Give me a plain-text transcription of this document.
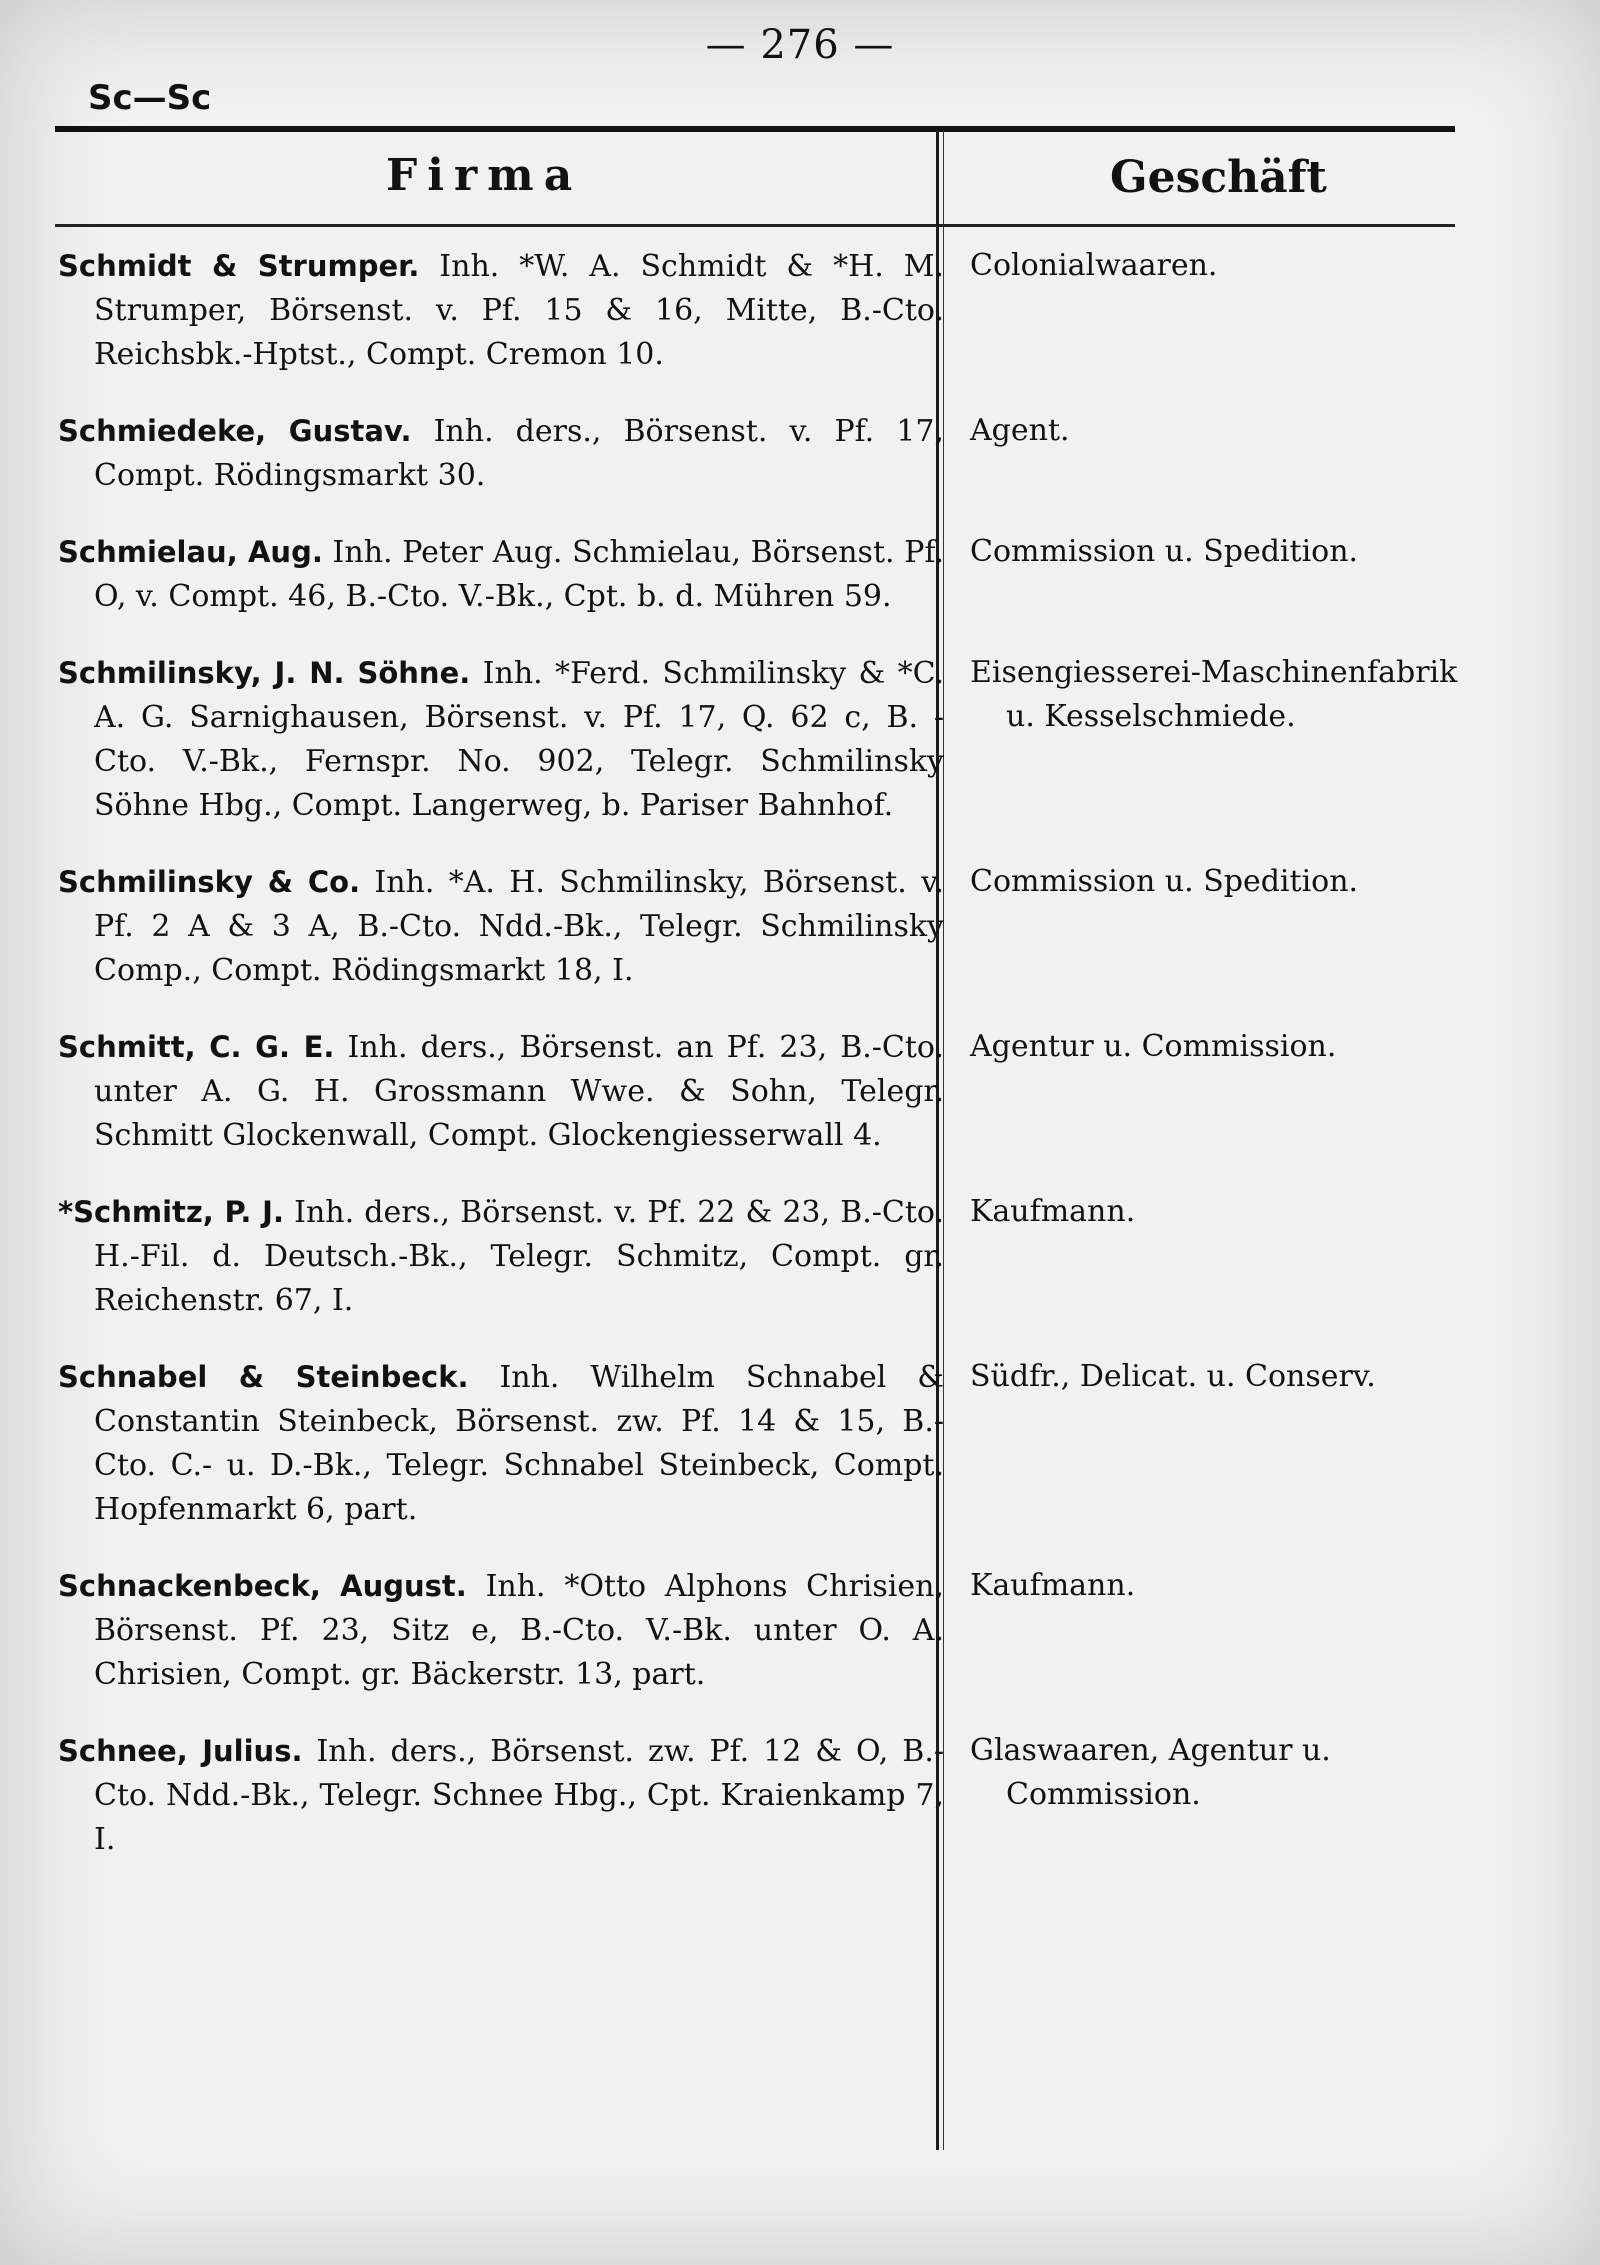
— 276 —
Sc—Sc
Firma	Geschäft
Schmidt & Strumper. Inh. *W. A. Schmidt & *H. M. Strumper, Börsenst. v. Pf. 15 & 16, Mitte, B.-Cto. Reichsbk.-Hptst., Compt. Cremon 10.
Colonialwaaren.
Schmiedeke, Gustav. Inh. ders., Börsenst. v. Pf. 17, Compt. Rödingsmarkt 30.
Agent.
Schmielau, Aug. Inh. Peter Aug. Schmielau, Börsenst. Pf. O, v. Compt. 46, B.-Cto. V.-Bk., Cpt. b. d. Mühren 59.
Commission u. Spedition.
Schmilinsky, J. N. Söhne. Inh. *Ferd. Schmilinsky & *C. A. G. Sarnighausen, Börsenst. v. Pf. 17, Q. 62 c, B. - Cto. V.-Bk., Fernspr. No. 902, Telegr. Schmilinsky Söhne Hbg., Compt. Langerweg, b. Pariser Bahnhof.
Eisengiesserei-Maschinenfabrik u. Kesselschmiede.
Schmilinsky & Co. Inh. *A. H. Schmilinsky, Börsenst. v. Pf. 2 A & 3 A, B.-Cto. Ndd.-Bk., Telegr. Schmilinsky Comp., Compt. Rödingsmarkt 18, I.
Commission u. Spedition.
Schmitt, C. G. E. Inh. ders., Börsenst. an Pf. 23, B.-Cto. unter A. G. H. Grossmann Wwe. & Sohn, Telegr. Schmitt Glockenwall, Compt. Glockengiesserwall 4.
Agentur u. Commission.
*Schmitz, P. J. Inh. ders., Börsenst. v. Pf. 22 & 23, B.-Cto. H.-Fil. d. Deutsch.-Bk., Telegr. Schmitz, Compt. gr. Reichenstr. 67, I.
Kaufmann.
Schnabel & Steinbeck. Inh. Wilhelm Schnabel & Constantin Steinbeck, Börsenst. zw. Pf. 14 & 15, B.-Cto. C.- u. D.-Bk., Telegr. Schnabel Steinbeck, Compt. Hopfenmarkt 6, part.
Südfr., Delicat. u. Conserv.
Schnackenbeck, August. Inh. *Otto Alphons Chrisien, Börsenst. Pf. 23, Sitz e, B.-Cto. V.-Bk. unter O. A. Chrisien, Compt. gr. Bäckerstr. 13, part.
Kaufmann.
Schnee, Julius. Inh. ders., Börsenst. zw. Pf. 12 & O, B.-Cto. Ndd.-Bk., Telegr. Schnee Hbg., Cpt. Kraienkamp 7, I.
Glaswaaren, Agentur u. Commission.
